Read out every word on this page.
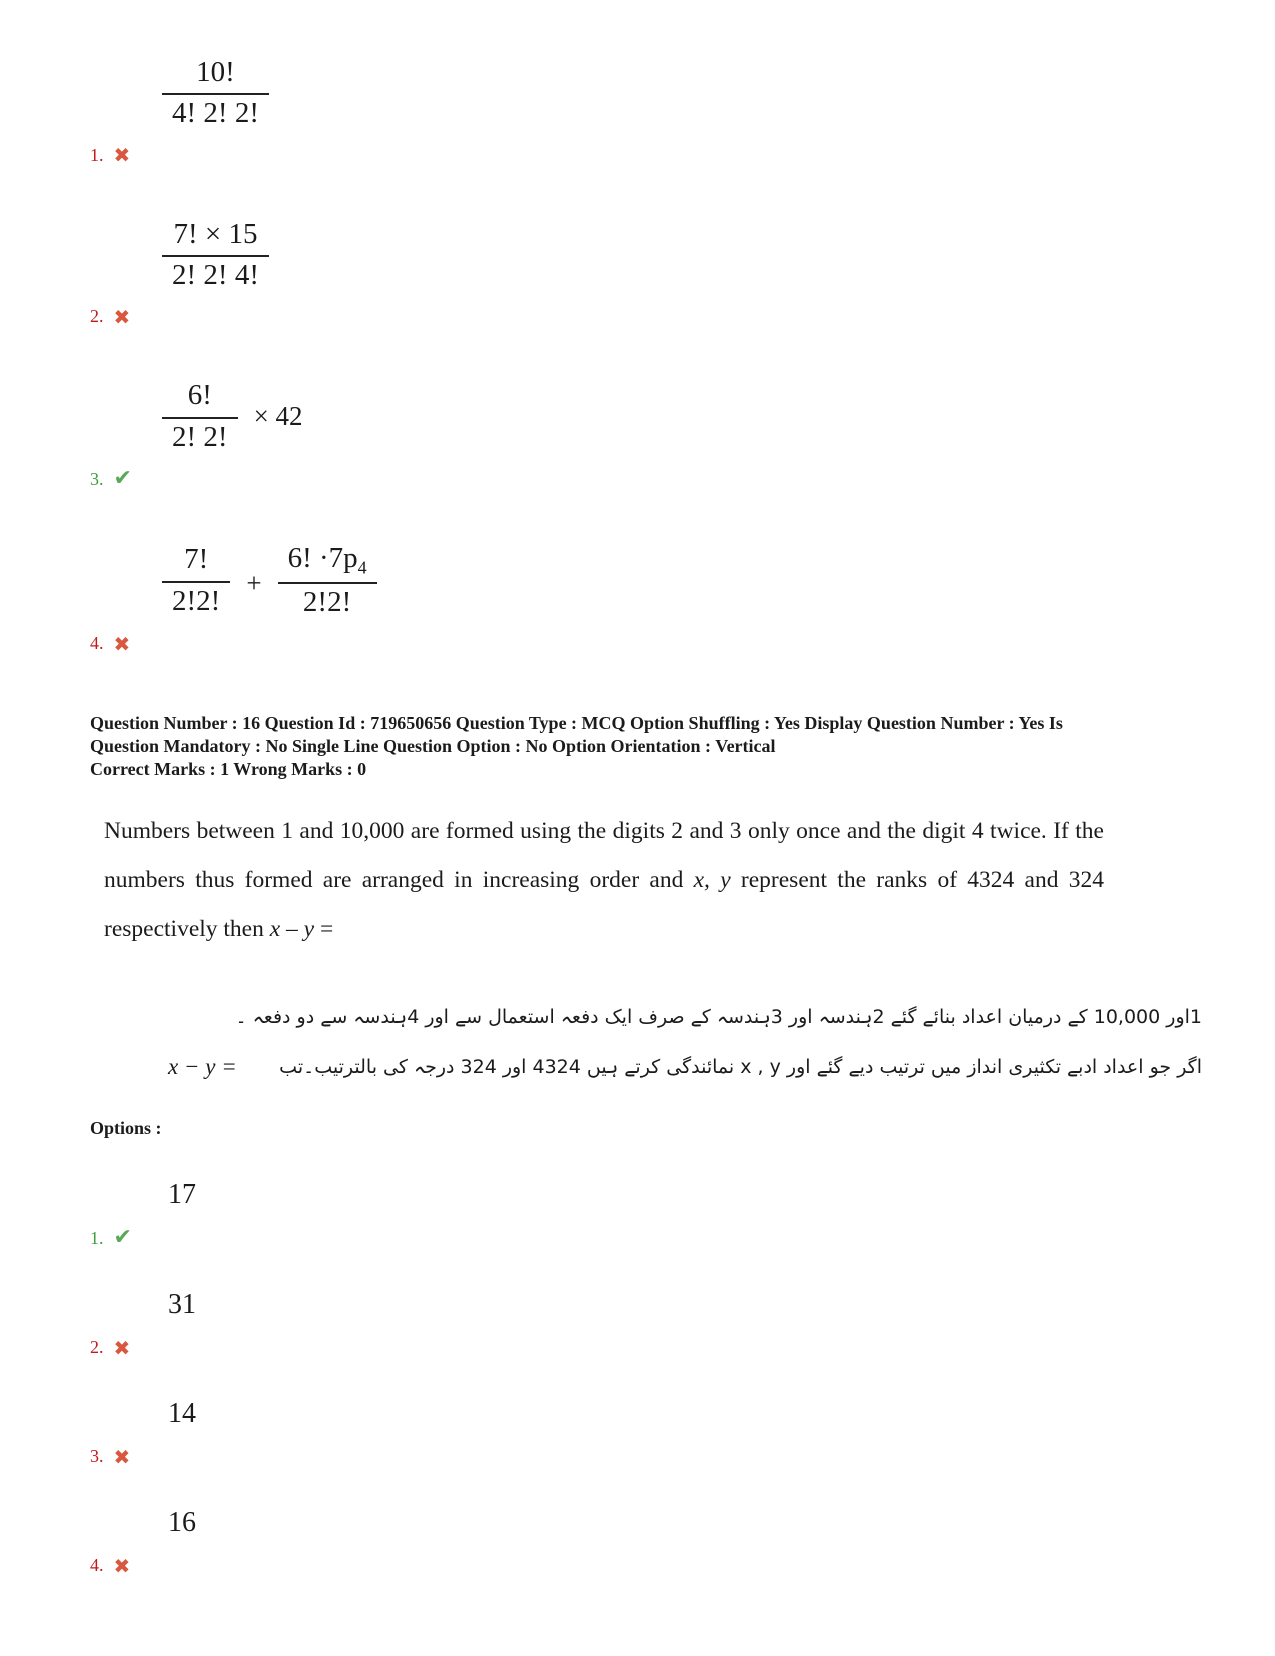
$\frac{10!}{4! 2! 2!}$
1. ✖
$\frac{7! \times 15}{2! 2! 4!}$
2. ✖
$\frac{6!}{2! 2!} \times 42$
3. ✔
$\frac{7!}{2!2!} + \frac{6! \cdot 7p_4}{2!2!}$
4. ✖
Question Number : 16 Question Id : 719650656 Question Type : MCQ Option Shuffling : Yes Display Question Number : Yes Is
Question Mandatory : No Single Line Question Option : No Option Orientation : Vertical
Correct Marks : 1 Wrong Marks : 0

Numbers between 1 and 10,000 are formed using the digits 2 and 3 only once and the digit 4 twice. If the numbers thus formed are arranged in increasing order and x, y represent the ranks of 4324 and 324 respectively then x – y =

1اور 10,000 کے درمیان اعداد بنائے گئے 2ہندسہ اور 3ہندسہ کے صرف ایک دفعہ استعمال سے اور 4ہندسہ سے دو دفعہ ۔
x − y =	اگر جو اعداد ادبے تکثیری انداز میں ترتیب دیے گئے اور x , y نمائندگی کرتے ہیں 4324 اور 324 درجہ کی بالترتیب۔تب
Options :
17
1. ✔
31
2. ✖
14
3. ✖
16
4. ✖
